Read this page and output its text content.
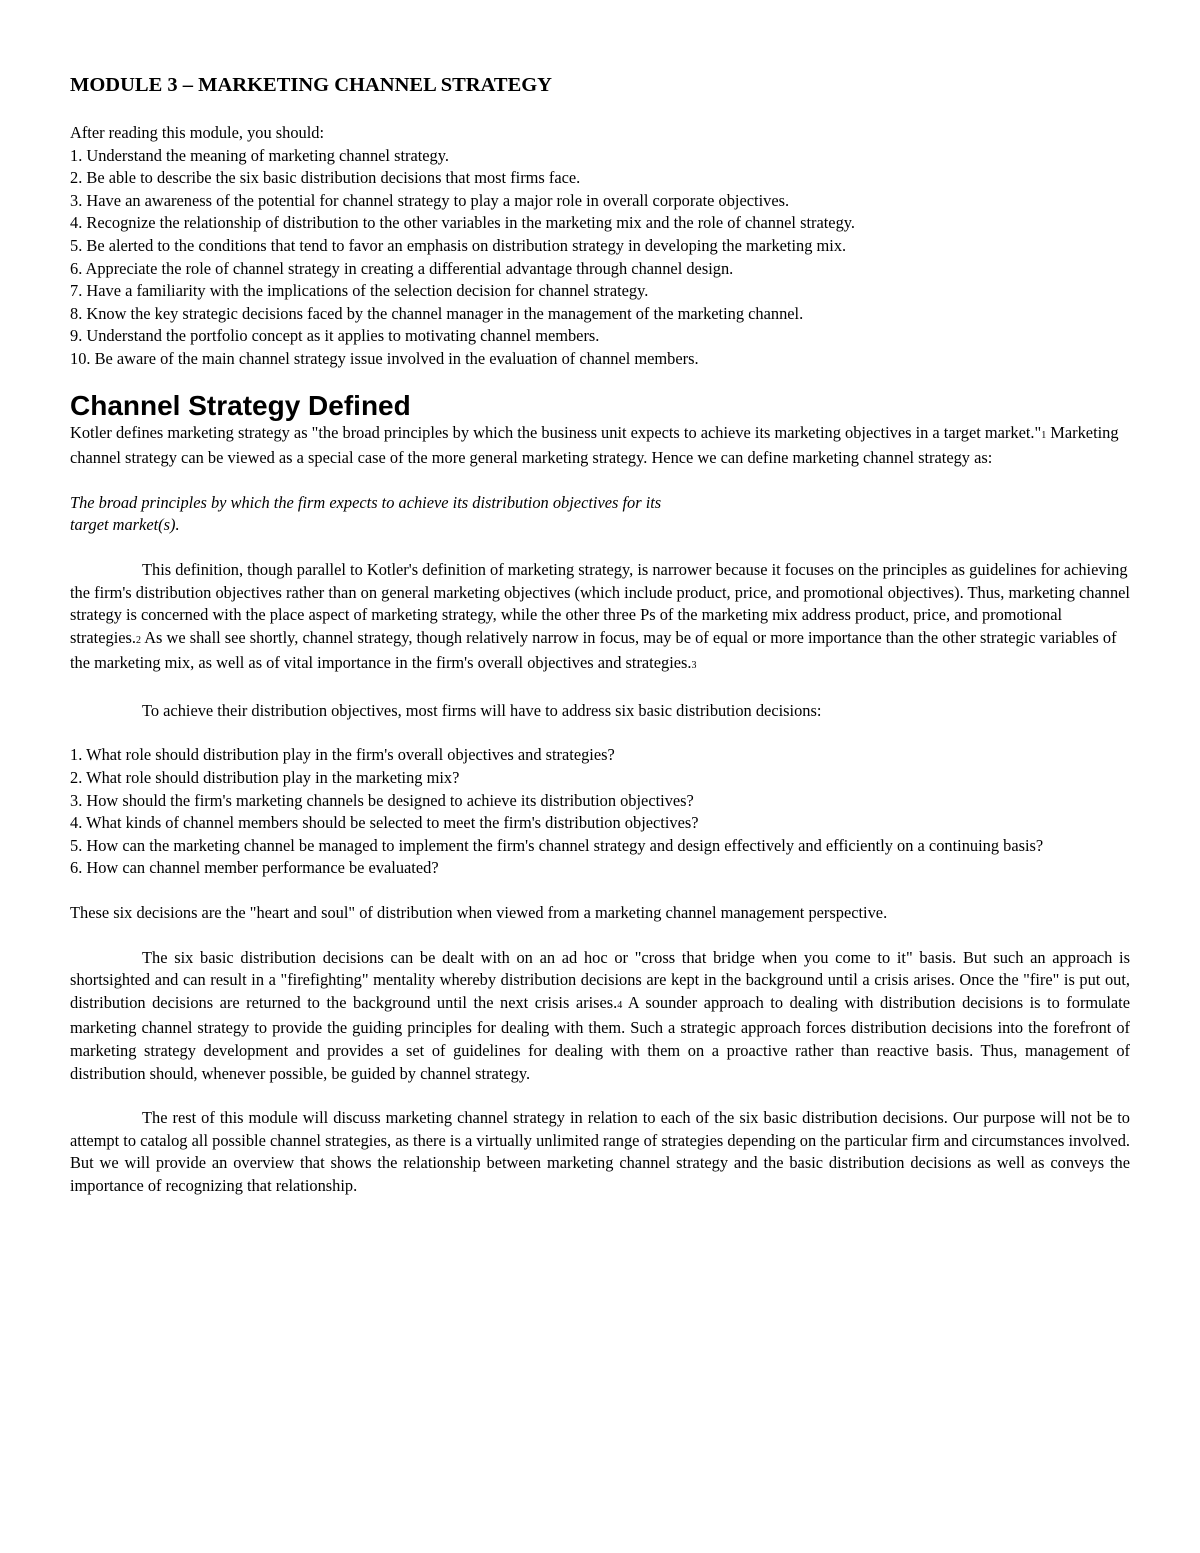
MODULE 3 – MARKETING CHANNEL STRATEGY

After reading this module, you should:

1. Understand the meaning of marketing channel strategy.

2. Be able to describe the six basic distribution decisions that most firms face.

3. Have an awareness of the potential for channel strategy to play a major role in overall corporate objectives.

4. Recognize the relationship of distribution to the other variables in the marketing mix and the role of channel strategy.

5. Be alerted to the conditions that tend to favor an emphasis on distribution strategy in developing the marketing mix.

6. Appreciate the role of channel strategy in creating a differential advantage through channel design.

7. Have a familiarity with the implications of the selection decision for channel strategy.

8. Know the key strategic decisions faced by the channel manager in the management of the marketing channel.

9. Understand the portfolio concept as it applies to motivating channel members.

10. Be aware of the main channel strategy issue involved in the evaluation of channel members.

Channel Strategy Defined

Kotler defines marketing strategy as "the broad principles by which the business unit expects to achieve its marketing objectives in a target market."1 Marketing channel strategy can be viewed as a special case of the more general marketing strategy. Hence we can define marketing channel strategy as:

The broad principles by which the firm expects to achieve its distribution objectives for its
target market(s).

This definition, though parallel to Kotler's definition of marketing strategy, is narrower because it focuses on the principles as guidelines for achieving the firm's distribution objectives rather than on general marketing objectives (which include product, price, and promotional objectives). Thus, marketing channel strategy is concerned with the place aspect of marketing strategy, while the other three Ps of the marketing mix address product, price, and promotional strategies.2 As we shall see shortly, channel strategy, though relatively narrow in focus, may be of equal or more importance than the other strategic variables of the marketing mix, as well as of vital importance in the firm's overall objectives and strategies.3

To achieve their distribution objectives, most firms will have to address six basic distribution decisions:

1. What role should distribution play in the firm's overall objectives and strategies?

2. What role should distribution play in the marketing mix?

3. How should the firm's marketing channels be designed to achieve its distribution objectives?

4. What kinds of channel members should be selected to meet the firm's distribution objectives?

5. How can the marketing channel be managed to implement the firm's channel strategy and design effectively and efficiently on a continuing basis?

6. How can channel member performance be evaluated?

These six decisions are the "heart and soul" of distribution when viewed from a marketing channel management perspective.

The six basic distribution decisions can be dealt with on an ad hoc or "cross that bridge when you come to it" basis. But such an approach is shortsighted and can result in a "firefighting" mentality whereby distribution decisions are kept in the background until a crisis arises. Once the "fire" is put out, distribution decisions are returned to the background until the next crisis arises.4 A sounder approach to dealing with distribution decisions is to formulate marketing channel strategy to provide the guiding principles for dealing with them. Such a strategic approach forces distribution decisions into the forefront of marketing strategy development and provides a set of guidelines for dealing with them on a proactive rather than reactive basis. Thus, management of distribution should, whenever possible, be guided by channel strategy.

The rest of this module will discuss marketing channel strategy in relation to each of the six basic distribution decisions. Our purpose will not be to attempt to catalog all possible channel strategies, as there is a virtually unlimited range of strategies depending on the particular firm and circumstances involved. But we will provide an overview that shows the relationship between marketing channel strategy and the basic distribution decisions as well as conveys the importance of recognizing that relationship.
